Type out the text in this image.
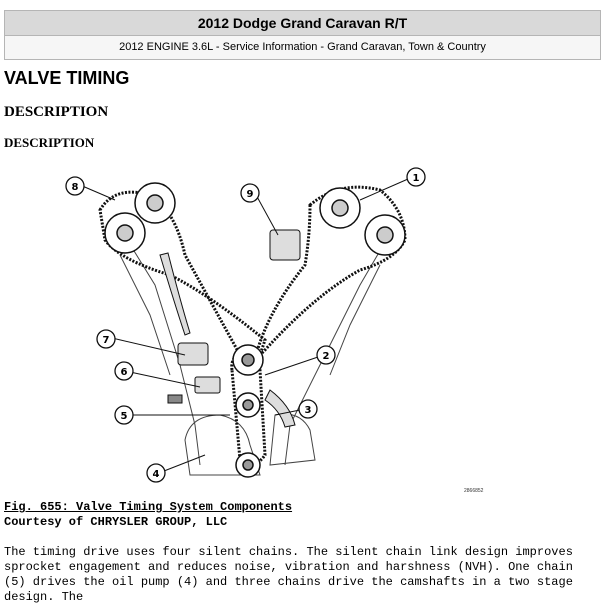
2012 Dodge Grand Caravan R/T
2012 ENGINE 3.6L - Service Information - Grand Caravan, Town & Country
VALVE TIMING
DESCRIPTION
DESCRIPTION
1
2
3
4
5
6
7
8
9
2866852
Fig. 655: Valve Timing System Components
Courtesy of CHRYSLER GROUP, LLC
The timing drive uses four silent chains. The silent chain link design improves sprocket engagement and reduces noise, vibration and harshness (NVH). One chain (5) drives the oil pump (4) and three chains drive the camshafts in a two stage design. The
